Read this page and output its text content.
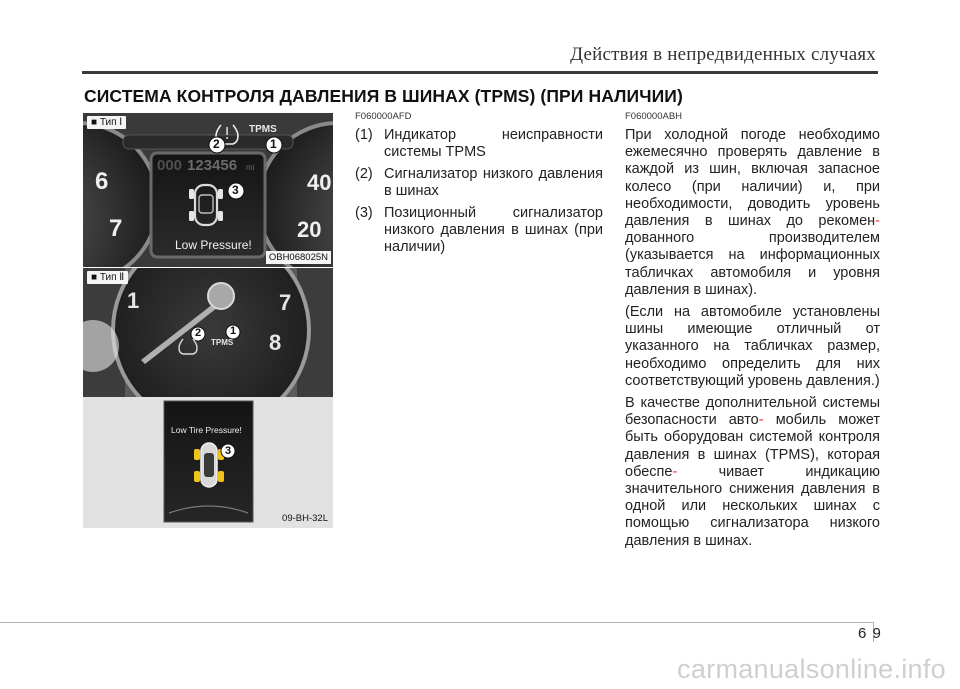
Действия в непредвиденных случаях
СИСТЕМА КОНТРОЛЯ ДАВЛЕНИЯ В ШИНАХ (TPMS) (ПРИ НАЛИЧИИ)
■ Тип Ⅰ
6
7
40
20
000 123456 mi
Low Pressure!
TPMS
2	1
3
OBH068025N
■ Тип Ⅱ
1	7
8
TPMS
2	1
Low Tire Pressure!
3
09-BH-32L
F060000AFD
(1) Индикатор неисправности системы TPMS
(2) Сигнализатор низкого давления в шинах
(3) Позиционный сигнализатор низкого давления в шинах (при наличии)
F060000ABH

При холодной погоде необходимо ежемесячно проверять давление в каждой из шин, включая запасное колесо (при наличии) и, при необходимости, доводить уровень давления в шинах до рекомен- дованного производителем (указывается на информационных табличках автомобиля и уровня давления в шинах).

(Если на автомобиле установлены шины имеющие отличный от указанного на табличках размер, необходимо определить для них соответствующий уровень давления.)

В качестве дополнительной системы безопасности авто- мобиль может быть оборудован системой контроля давления в шинах (TPMS), которая обеспе-	чивает индикацию значительного снижения давления в одной или нескольких шинах с помощью сигнализатора низкого давления в шинах.

6 9
carmanualsonline.info
